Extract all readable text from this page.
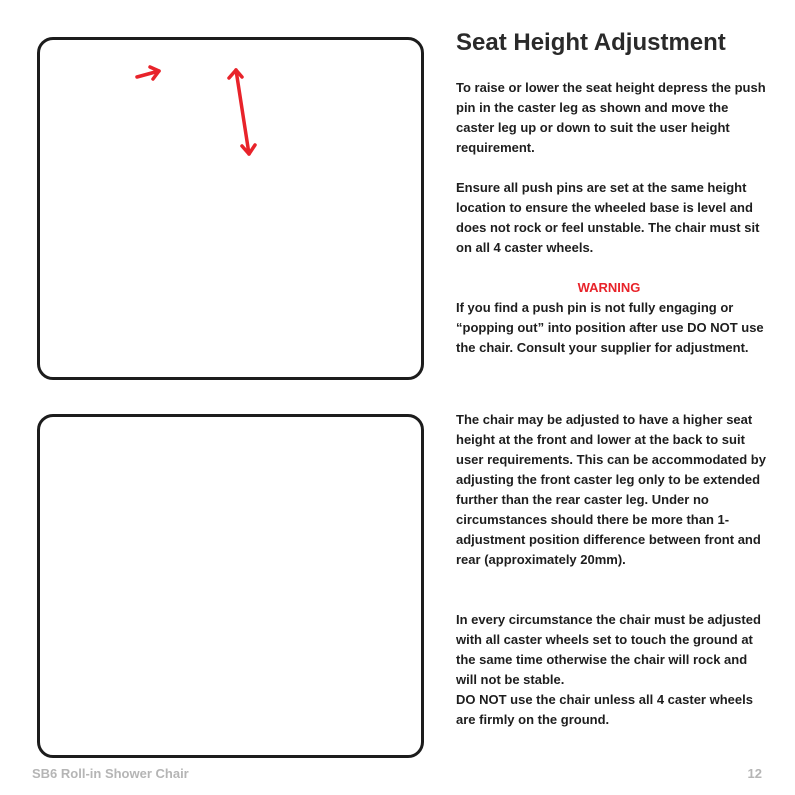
Seat Height Adjustment

To raise or lower the seat height depress the push pin in the caster leg as shown and move the caster leg up or down to suit the user height requirement.

Ensure all push pins are set at the same height location to ensure the wheeled base is level and does not rock or feel unstable. The chair must sit on all 4 caster wheels.

WARNING

If you find a push pin is not fully engaging or “popping out” into position after use DO NOT use the chair. Consult your supplier for adjustment.

The chair may be adjusted to have a higher seat height at the front and lower at the back to suit user requirements. This can be accommodated by adjusting the front caster leg only to be extended further than the rear caster leg. Under no circumstances should there be more than 1-adjustment position difference between front and rear (approximately 20mm).

In every circumstance the chair must be adjusted with all caster wheels set to touch the ground at the same time otherwise the chair will rock and will not be stable.
DO NOT use the chair unless all 4 caster wheels are firmly on the ground.
SB6 Roll-in Shower Chair	12
